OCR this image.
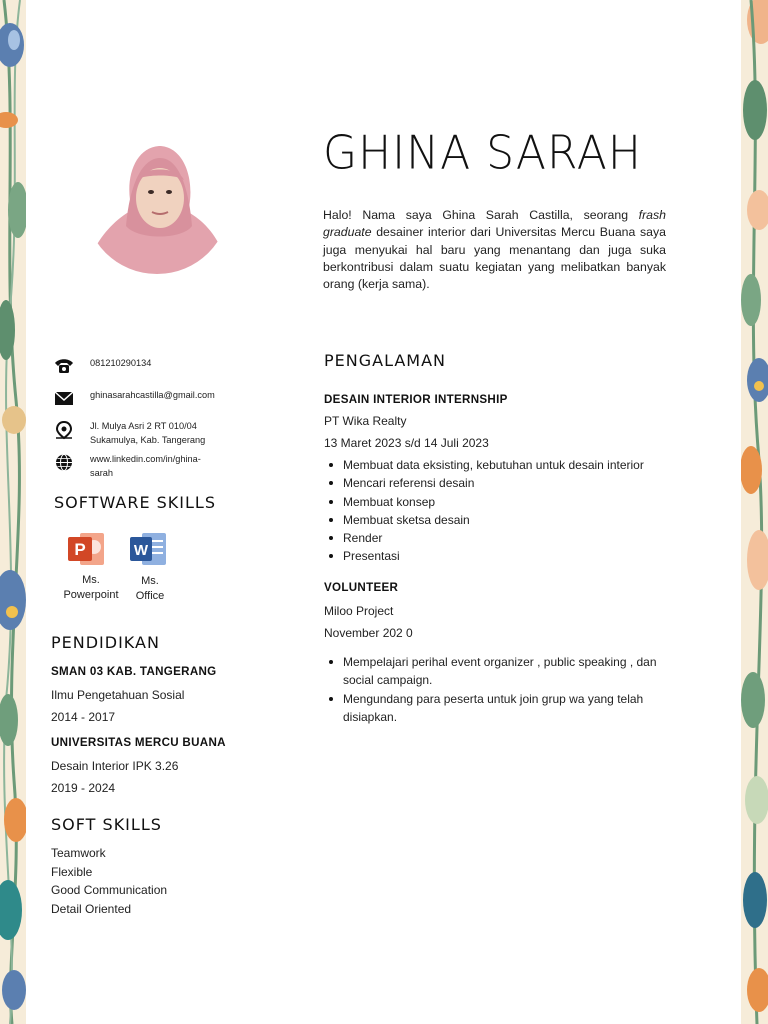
GHINA SARAH
Halo! Nama saya Ghina Sarah Castilla, seorang frash graduate desainer interior dari Universitas Mercu Buana saya juga menyukai hal baru yang menantang dan juga suka berkontribusi dalam suatu kegiatan yang melibatkan banyak orang (kerja sama).
081210290134
ghinasarahcastilla@gmail.com
Jl. Mulya Asri 2 RT 010/04
Sukamulya, Kab. Tangerang
www.linkedin.com/in/ghina-
sarah
SOFTWARE SKILLS
P	W
Ms.
Powerpoint
Ms.
Office
PENDIDIKAN
SMAN 03 KAB. TANGERANG
Ilmu Pengetahuan Sosial
2014 - 2017
UNIVERSITAS MERCU BUANA
Desain Interior IPK 3.26
2019 - 2024
SOFT SKILLS
Teamwork
Flexible
Good Communication
Detail Oriented
PENGALAMAN
DESAIN INTERIOR INTERNSHIP
PT Wika Realty
13 Maret 2023 s/d 14 Juli 2023
Membuat data eksisting, kebutuhan untuk desain interior
Mencari referensi desain
Membuat konsep
Membuat sketsa desain
Render
Presentasi
VOLUNTEER
Miloo Project
November 202 0
Mempelajari perihal event organizer , public speaking , dan social campaign.
Mengundang para peserta untuk join grup wa yang telah disiapkan.
